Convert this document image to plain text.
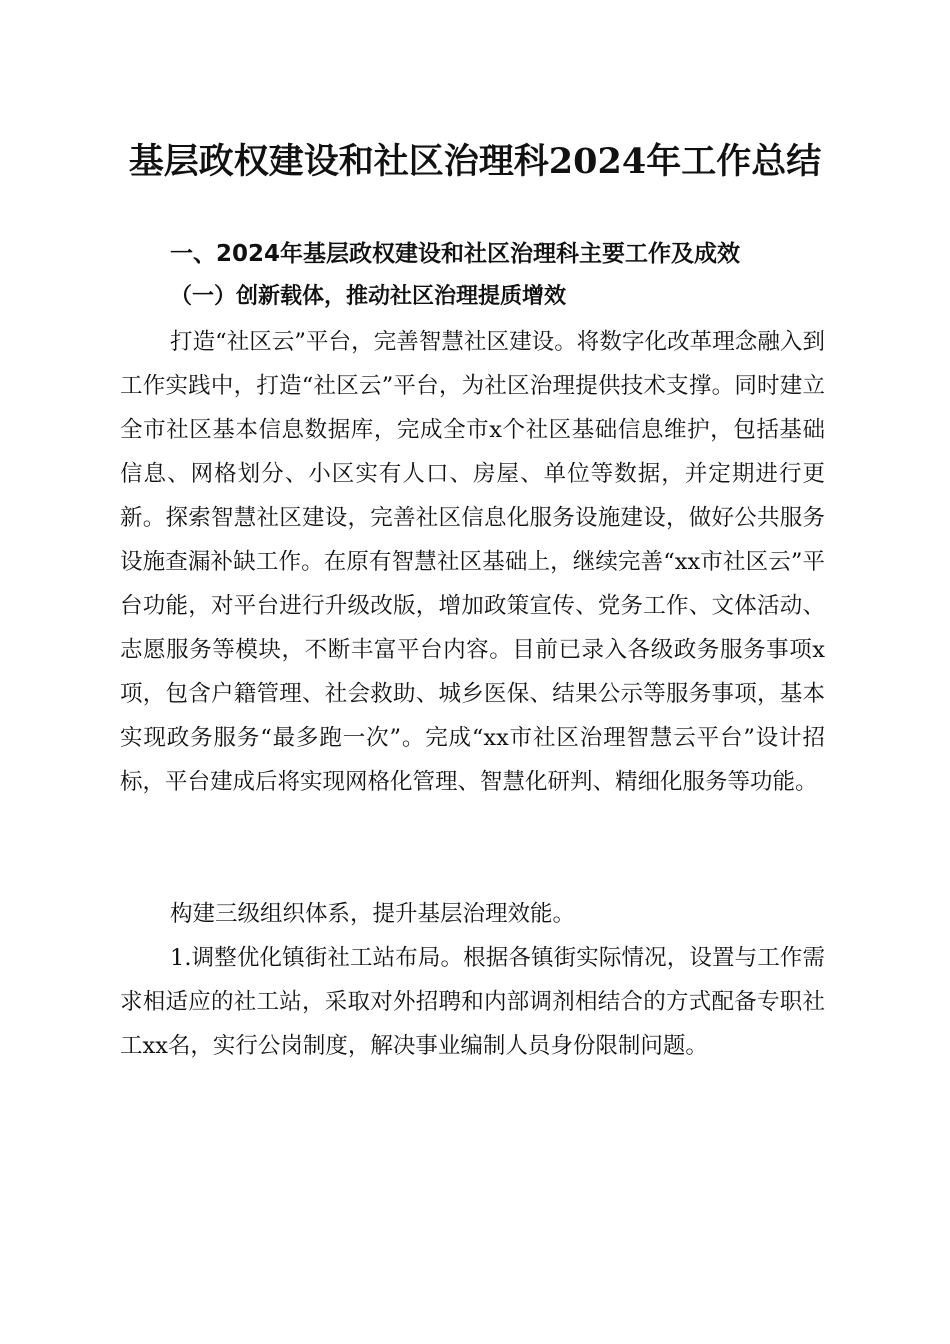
基层政权建设和社区治理科2024年工作总结
一、2024年基层政权建设和社区治理科主要工作及成效
（一）创新载体，推动社区治理提质增效
打造“社区云”平台，完善智慧社区建设。将数字化改革理念融入到工作实践中，打造“社区云”平台，为社区治理提供技术支撑。同时建立全市社区基本信息数据库，完成全市x个社区基础信息维护，包括基础信息、网格划分、小区实有人口、房屋、单位等数据，并定期进行更新。探索智慧社区建设，完善社区信息化服务设施建设，做好公共服务设施查漏补缺工作。在原有智慧社区基础上，继续完善“xx市社区云”平台功能，对平台进行升级改版，增加政策宣传、党务工作、文体活动、志愿服务等模块，不断丰富平台内容。目前已录入各级政务服务事项x项，包含户籍管理、社会救助、城乡医保、结果公示等服务事项，基本实现政务服务“最多跑一次”。完成“xx市社区治理智慧云平台”设计招标，平台建成后将实现网格化管理、智慧化研判、精细化服务等功能。
构建三级组织体系，提升基层治理效能。
1.调整优化镇街社工站布局。根据各镇街实际情况，设置与工作需求相适应的社工站，采取对外招聘和内部调剂相结合的方式配备专职社工xx名，实行公岗制度，解决事业编制人员身份限制问题。
